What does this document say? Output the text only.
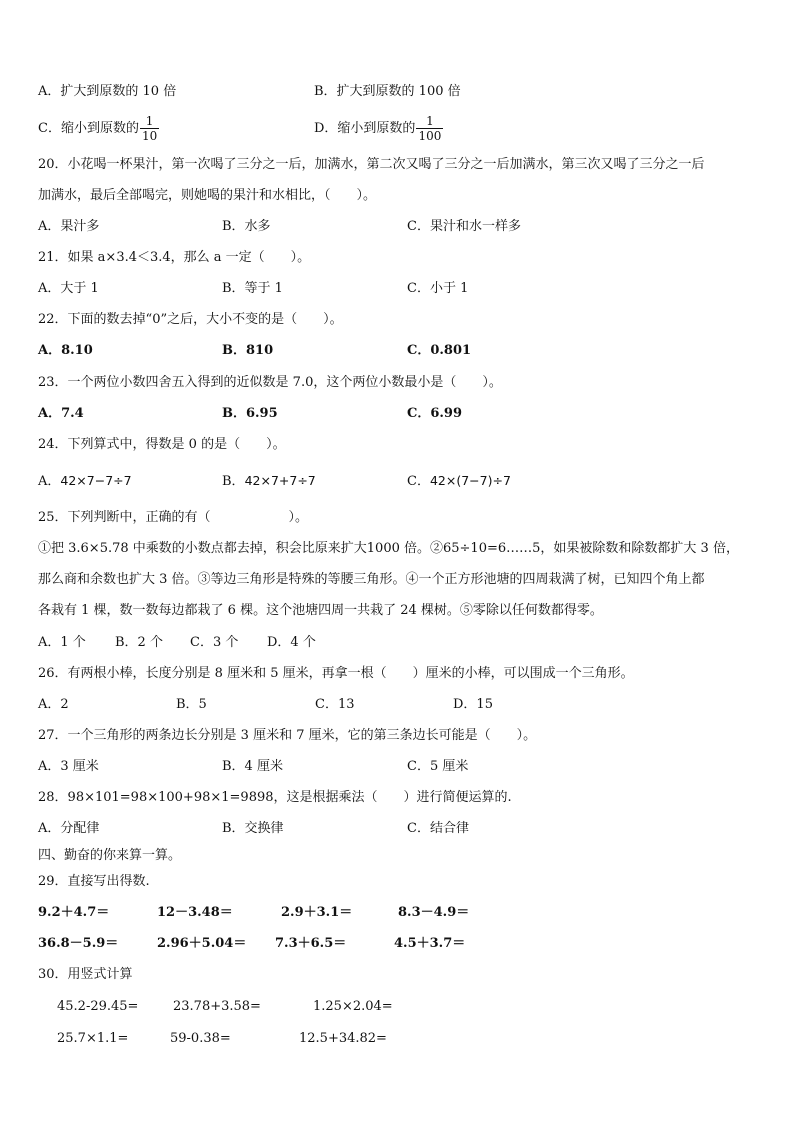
A．扩大到原数的 10 倍	B．扩大到原数的 100 倍
C．缩小到原数的 $\frac{1}{10}$	D．缩小到原数的 $\frac{1}{100}$
20．小花喝一杯果汁，第一次喝了三分之一后，加满水，第二次又喝了三分之一后加满水，第三次又喝了三分之一后
加满水，最后全部喝完，则她喝的果汁和水相比，（　　）。
A．果汁多	B．水多	C．果汁和水一样多
21．如果 a×3.4＜3.4，那么 a 一定（　　）。
A．大于 1	B．等于 1	C．小于 1
22．下面的数去掉“0”之后，大小不变的是（　　）。
A．8.10	B．810	C．0.801
23．一个两位小数四舍五入得到的近似数是 7.0，这个两位小数最小是（　　）。
A．7.4	B．6.95	C．6.99
24．下列算式中，得数是 0 的是（　　）。
A．42×7−7÷7	B．42×7+7÷7	C．42×(7−7)÷7
25．下列判断中，正确的有（　　　　　　）。
①把 3.6×5.78 中乘数的小数点都去掉，积会比原来扩大1000 倍。②65÷10=6……5，如果被除数和除数都扩大 3 倍，
那么商和余数也扩大 3 倍。③等边三角形是特殊的等腰三角形。④一个正方形池塘的四周栽满了树，已知四个角上都
各栽有 1 棵，数一数每边都栽了 6 棵。这个池塘四周一共栽了 24 棵树。⑤零除以任何数都得零。
A．1 个 B．2 个 C．3 个 D．4 个
26．有两根小棒，长度分别是 8 厘米和 5 厘米，再拿一根（　　）厘米的小棒，可以围成一个三角形。
A．2	B．5	C．13	D．15
27．一个三角形的两条边长分别是 3 厘米和 7 厘米，它的第三条边长可能是（　　）。
A．3 厘米	B．4 厘米	C．5 厘米
28．98×101=98×100+98×1=9898，这是根据乘法（　　）进行简便运算的.
A．分配律	B．交换律	C．结合律
四、勤奋的你来算一算。
29．直接写出得数.
9.2＋4.7＝	12－3.48＝	2.9＋3.1＝	8.3－4.9＝
36.8－5.9＝	2.96＋5.04＝ 7.3＋6.5＝	4.5＋3.7＝
30．用竖式计算
45.2-29.45=	23.78+3.58=	1.25×2.04=
25.7×1.1=	59-0.38=	12.5+34.82=
